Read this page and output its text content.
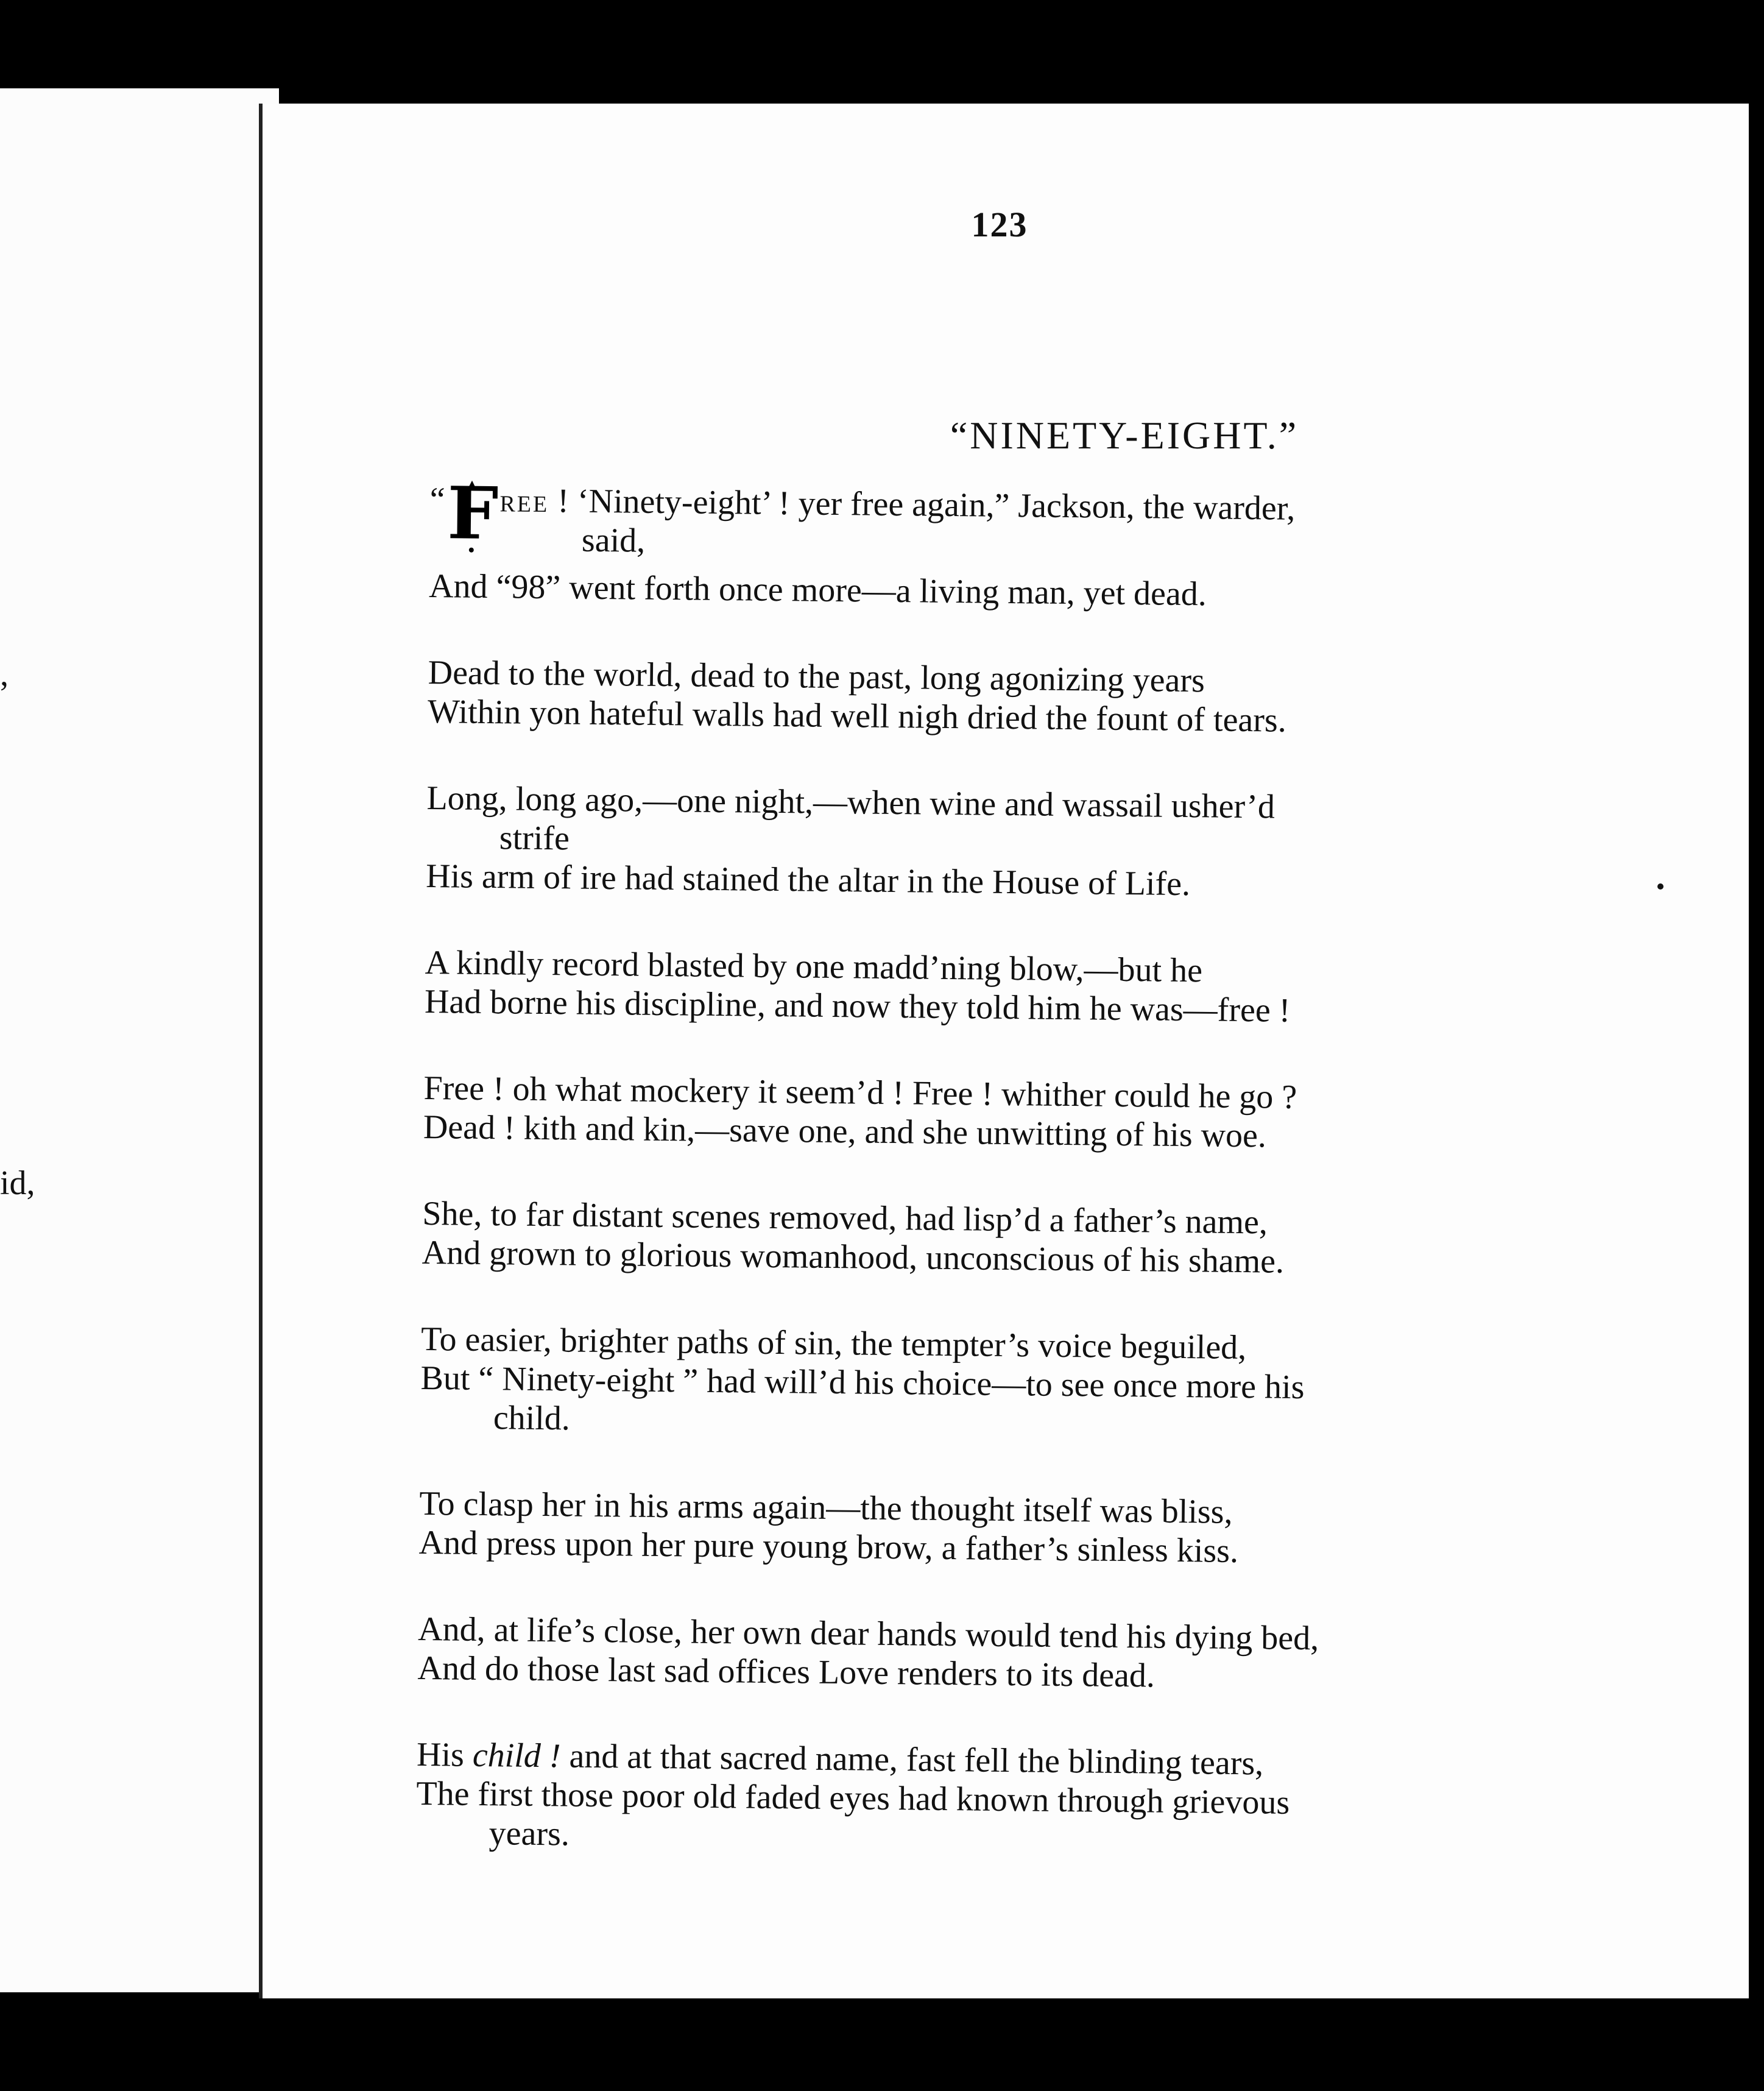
,
id,
123
“NINETY-EIGHT.”
“ F REE ! ‘Ninety-eight’ ! yer free again,” Jackson, the warder,
said,
And “98” went forth once more—a living man, yet dead.
Dead to the world, dead to the past, long agonizing years
Within yon hateful walls had well nigh dried the fount of tears.
Long, long ago,—one night,—when wine and wassail usher’d
strife
His arm of ire had stained the altar in the House of Life.
A kindly record blasted by one madd’ning blow,—but he
Had borne his discipline, and now they told him he was—free !
Free ! oh what mockery it seem’d ! Free ! whither could he go ?
Dead ! kith and kin,—save one, and she unwitting of his woe.
She, to far distant scenes removed, had lisp’d a father’s name,
And grown to glorious womanhood, unconscious of his shame.
To easier, brighter paths of sin, the tempter’s voice beguiled,
But “ Ninety-eight ” had will’d his choice—to see once more his
child.
To clasp her in his arms again—the thought itself was bliss,
And press upon her pure young brow, a father’s sinless kiss.
And, at life’s close, her own dear hands would tend his dying bed,
And do those last sad offices Love renders to its dead.
His child ! and at that sacred name, fast fell the blinding tears,
The first those poor old faded eyes had known through grievous
years.
